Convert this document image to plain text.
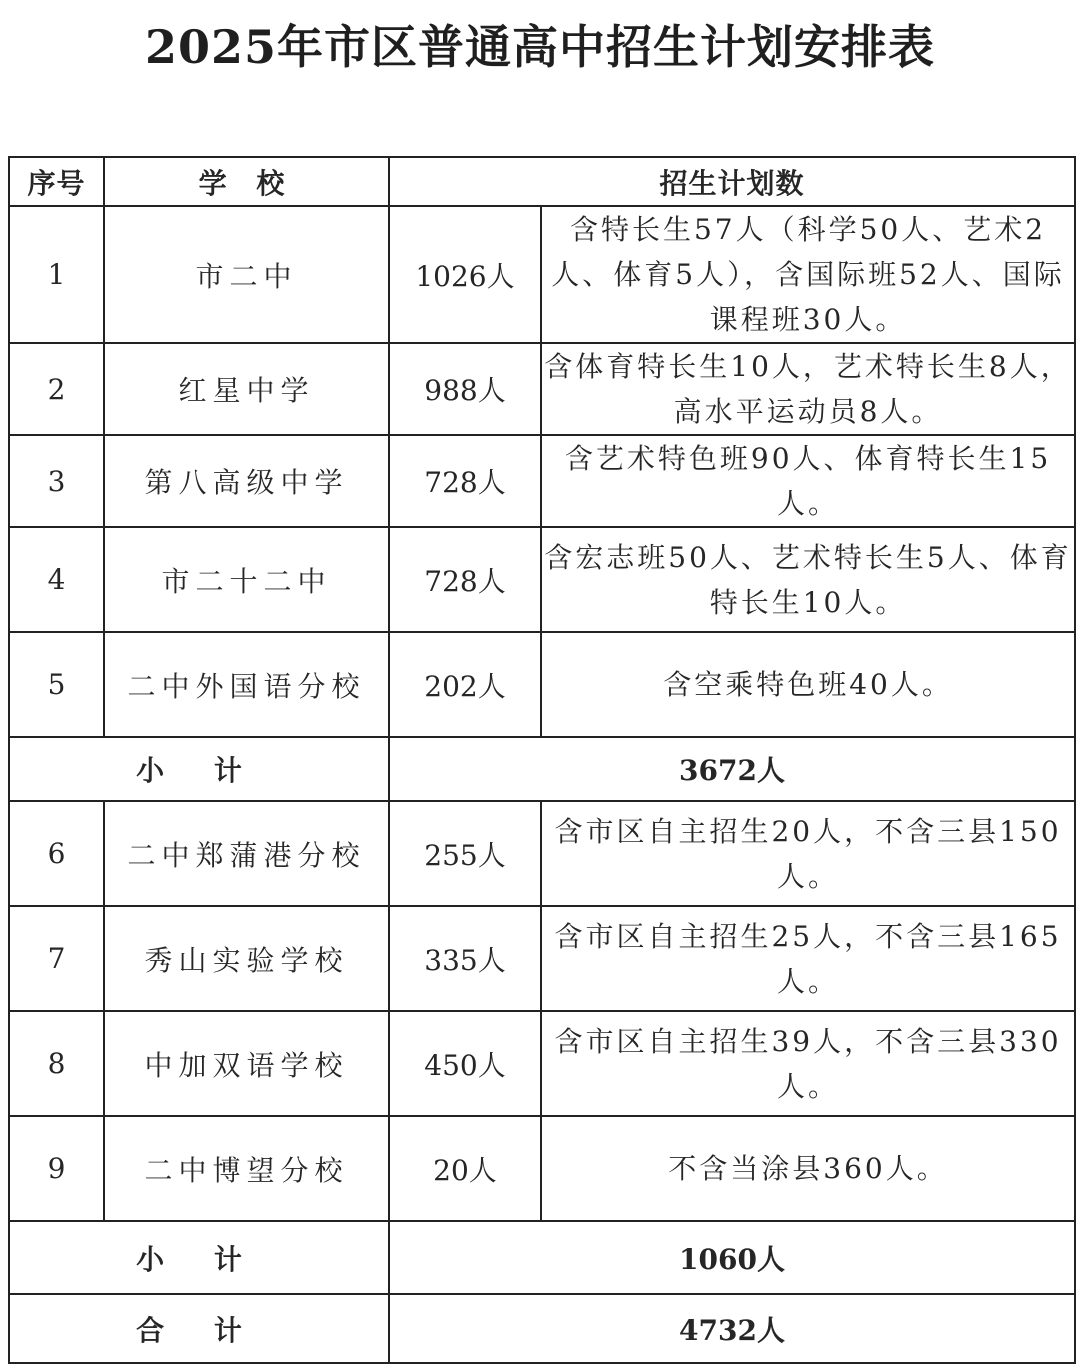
2025年市区普通高中招生计划安排表
序号	学 校	招生计划数	
1	市二中	1026人	含特长生57人（科学50人、艺术2人、体育5人），含国际班52人、国际课程班30人。
2	红星中学	988人	含体育特长生10人，艺术特长生8人，高水平运动员8人。
3	第八高级中学	728人	含艺术特色班90人、体育特长生15人。
4	市二十二中	728人	含宏志班50人、艺术特长生5人、体育特长生10人。
5	二中外国语分校	202人	含空乘特色班40人。
小 计		3672人	
6	二中郑蒲港分校	255人	含市区自主招生20人，不含三县150人。
7	秀山实验学校	335人	含市区自主招生25人，不含三县165人。
8	中加双语学校	450人	含市区自主招生39人，不含三县330人。
9	二中博望分校	20人	不含当涂县360人。
小 计		1060人	
合 计		4732人	
